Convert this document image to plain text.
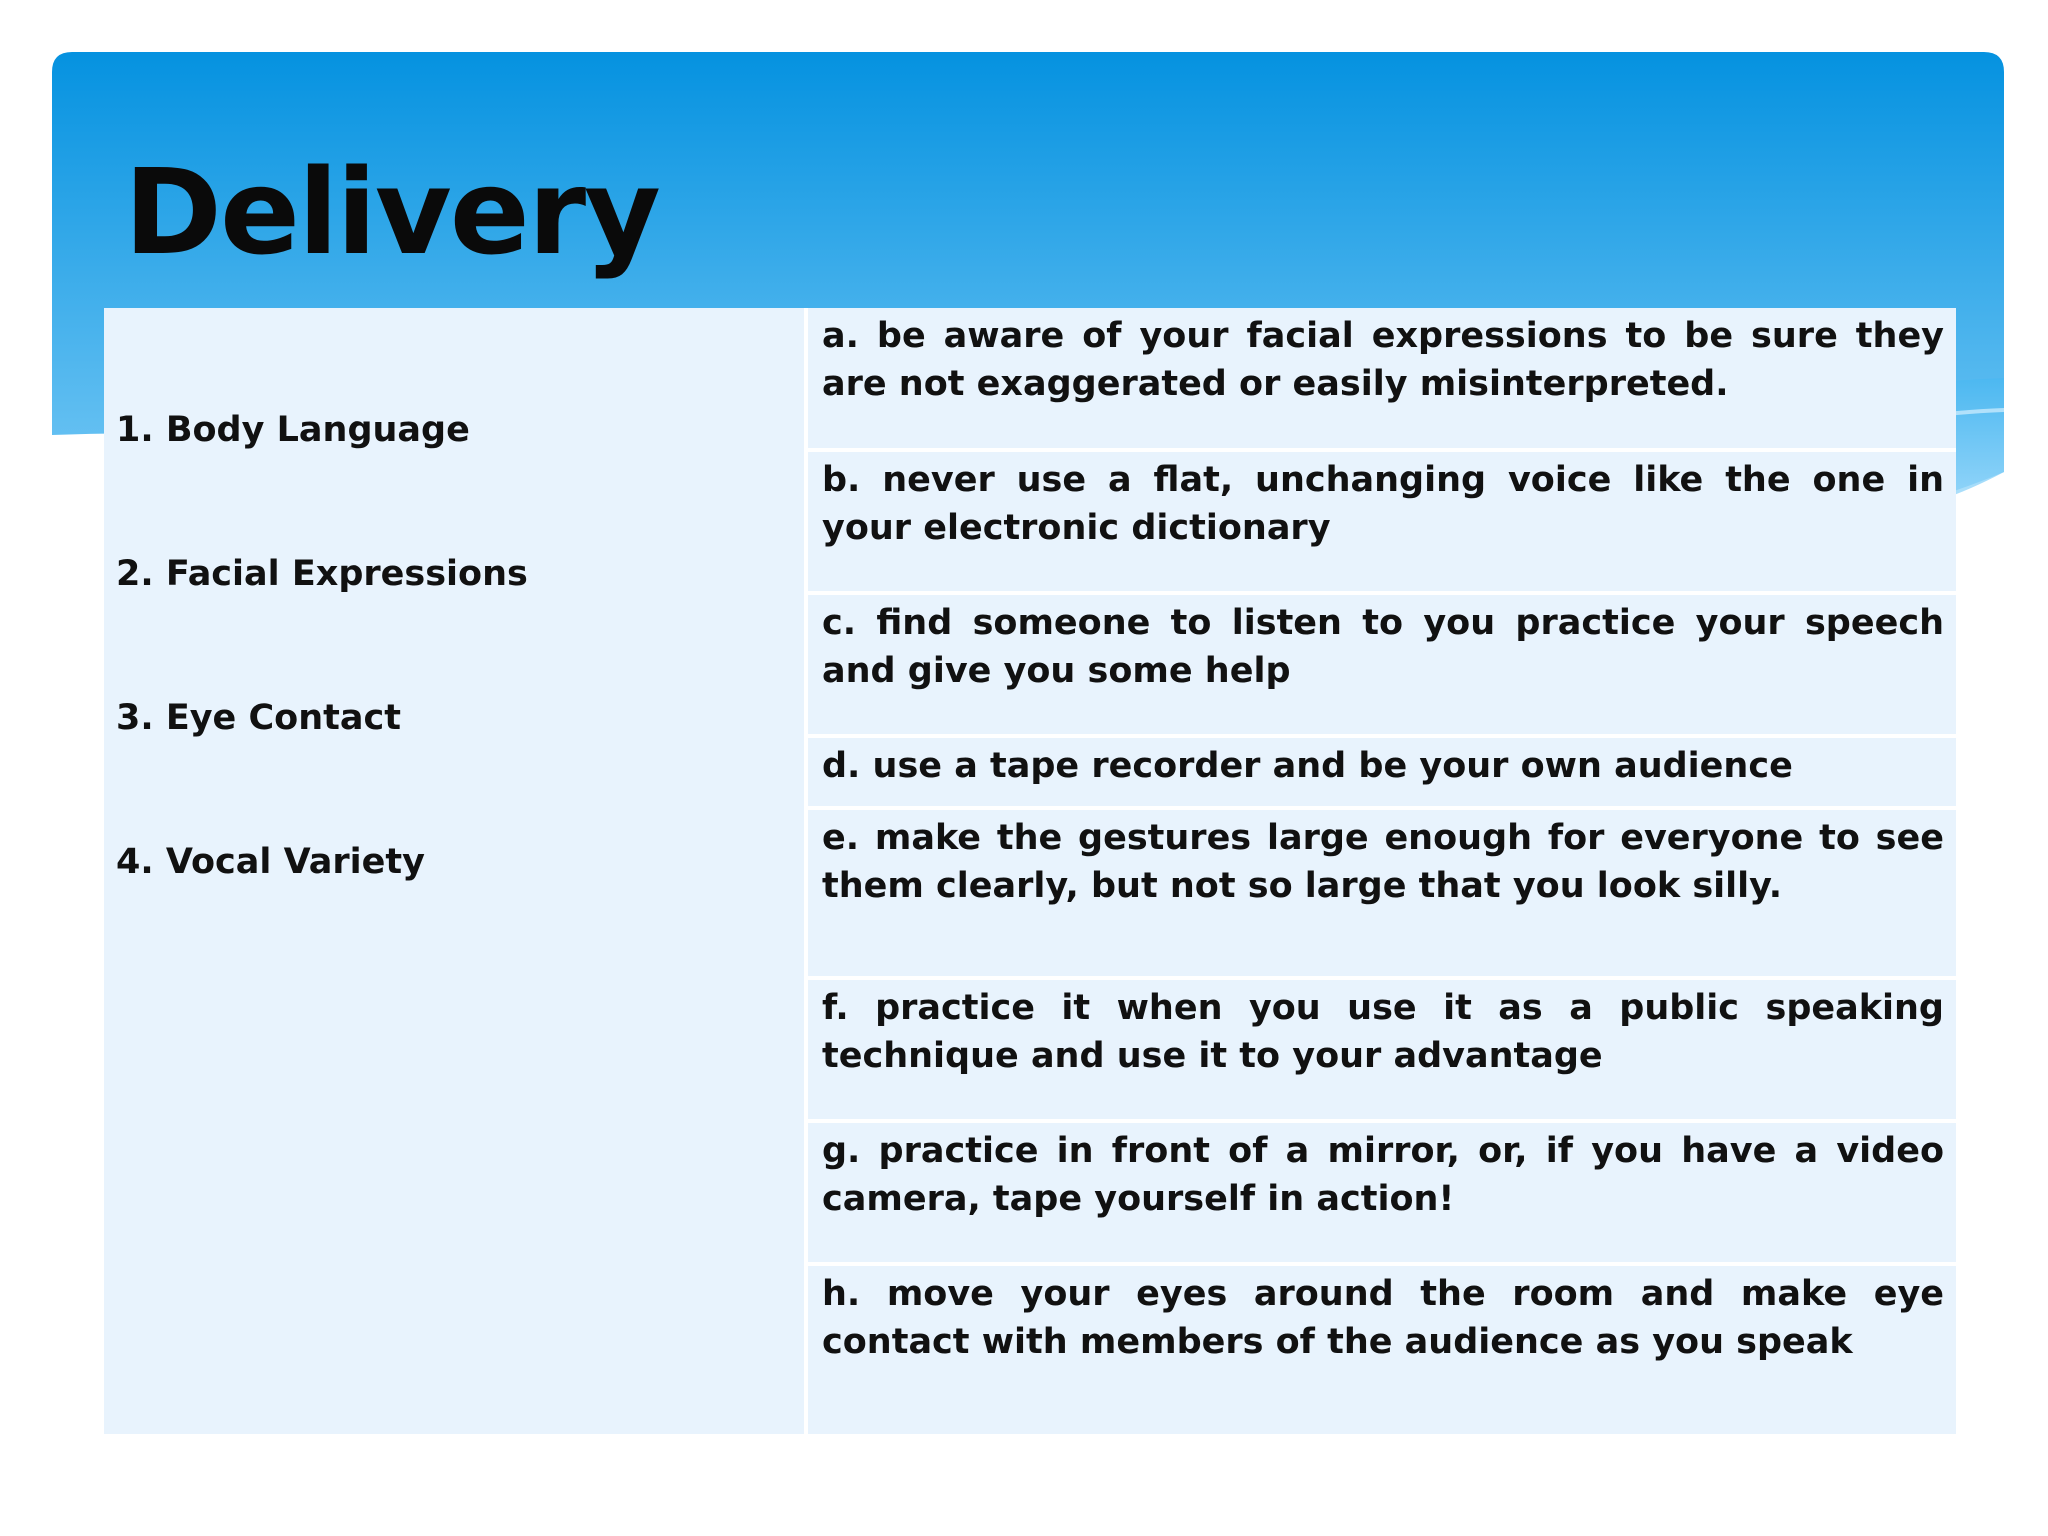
Delivery
1. Body Language
2. Facial Expressions
3. Eye Contact
4. Vocal Variety
a. be aware of your facial expressions to be sure they are not exaggerated or easily misinterpreted.
b. never use a flat, unchanging voice like the one in your electronic dictionary
c. find someone to listen to you practice your speech and give you some help
d. use a tape recorder and be your own audience
e. make the gestures large enough for everyone to see them clearly, but not so large that you look silly.
f. practice it when you use it as a public speaking technique and use it to your advantage
g. practice in front of a mirror, or, if you have a video camera, tape yourself in action!
h. move your eyes around the room and make eye contact with members of the audience as you speak
